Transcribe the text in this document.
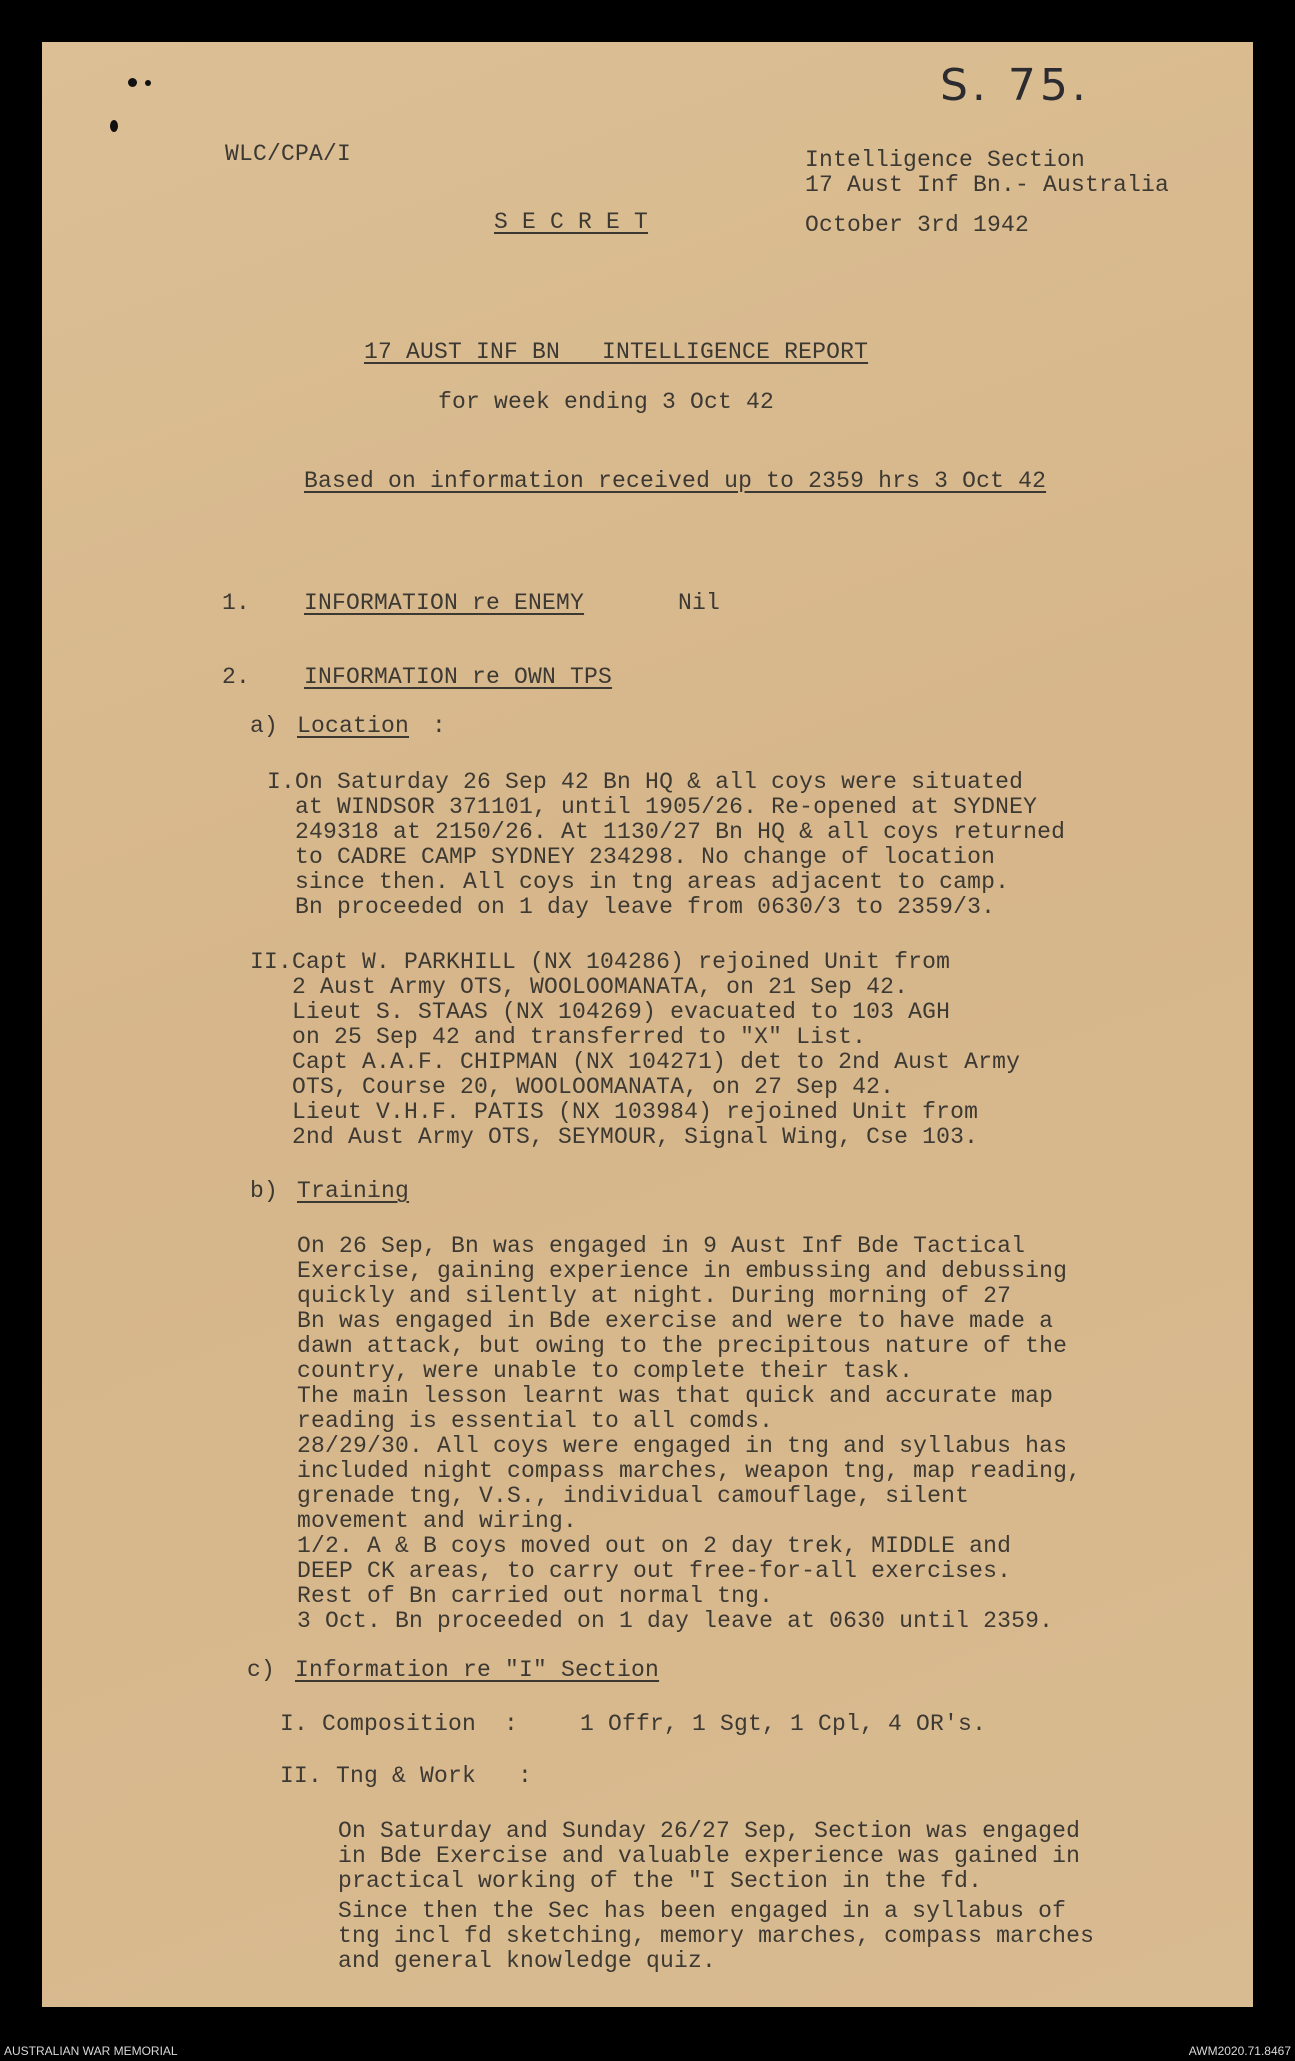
S. 75.
WLC/CPA/I	Intelligence Section
17 Aust Inf Bn.- Australia
S E C R E T	October 3rd 1942
17 AUST INF BN   INTELLIGENCE REPORT
for week ending 3 Oct 42
Based on information received up to 2359 hrs 3 Oct 42
1. INFORMATION re ENEMY	Nil
2. INFORMATION re OWN TPS
a) Location :
I.On Saturday 26 Sep 42 Bn HQ & all coys were situated
at WINDSOR 371101, until 1905/26. Re-opened at SYDNEY
249318 at 2150/26. At 1130/27 Bn HQ & all coys returned
to CADRE CAMP SYDNEY 234298. No change of location
since then. All coys in tng areas adjacent to camp.
Bn proceeded on 1 day leave from 0630/3 to 2359/3.
II.Capt W. PARKHILL (NX 104286) rejoined Unit from
2 Aust Army OTS, WOOLOOMANATA, on 21 Sep 42.
Lieut S. STAAS (NX 104269) evacuated to 103 AGH
on 25 Sep 42 and transferred to "X" List.
Capt A.A.F. CHIPMAN (NX 104271) det to 2nd Aust Army
OTS, Course 20, WOOLOOMANATA, on 27 Sep 42.
Lieut V.H.F. PATIS (NX 103984) rejoined Unit from
2nd Aust Army OTS, SEYMOUR, Signal Wing, Cse 103.
b) Training
On 26 Sep, Bn was engaged in 9 Aust Inf Bde Tactical
Exercise, gaining experience in embussing and debussing
quickly and silently at night. During morning of 27
Bn was engaged in Bde exercise and were to have made a
dawn attack, but owing to the precipitous nature of the
country, were unable to complete their task.
The main lesson learnt was that quick and accurate map
reading is essential to all comds.
28/29/30. All coys were engaged in tng and syllabus has
included night compass marches, weapon tng, map reading,
grenade tng, V.S., individual camouflage, silent
movement and wiring.
1/2. A & B coys moved out on 2 day trek, MIDDLE and
DEEP CK areas, to carry out free-for-all exercises.
Rest of Bn carried out normal tng.
3 Oct. Bn proceeded on 1 day leave at 0630 until 2359.
c) Information re "I" Section
I. Composition  :	1 Offr, 1 Sgt, 1 Cpl, 4 OR's.
II. Tng & Work   :
On Saturday and Sunday 26/27 Sep, Section was engaged
in Bde Exercise and valuable experience was gained in
practical working of the "I Section in the fd.
Since then the Sec has been engaged in a syllabus of
tng incl fd sketching, memory marches, compass marches
and general knowledge quiz.
AUSTRALIAN WAR MEMORIAL	AWM2020.71.8467
